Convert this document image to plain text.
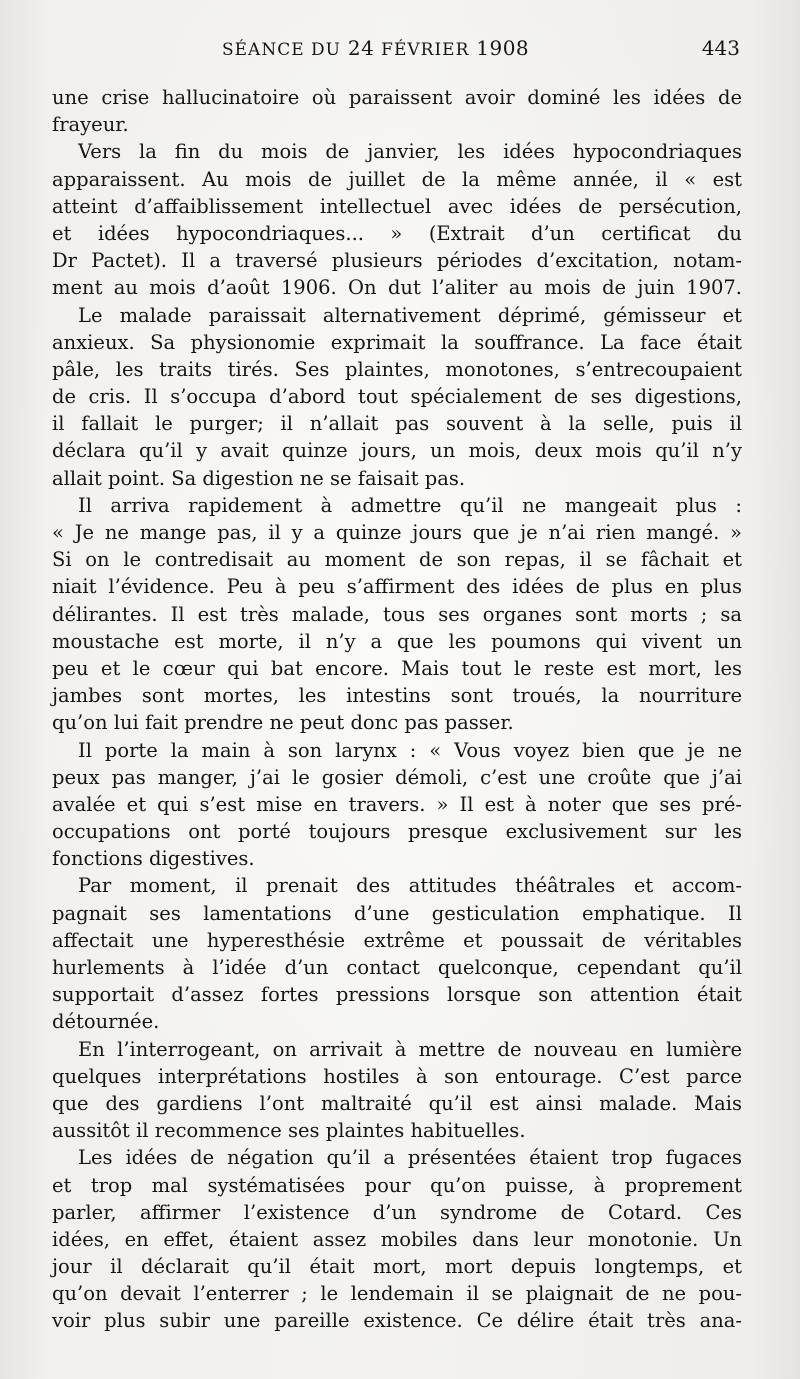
SÉANCE DU 24 FÉVRIER 1908	443
une crise hallucinatoire où paraissent avoir dominé les idées de
frayeur.
Vers la fin du mois de janvier, les idées hypocondriaques
apparaissent. Au mois de juillet de la même année, il « est
atteint d’affaiblissement intellectuel avec idées de persécution,
et idées hypocondriaques... » (Extrait d’un certificat du
Dr Pactet). Il a traversé plusieurs périodes d’excitation, notam-
ment au mois d’août 1906. On dut l’aliter au mois de juin 1907.
Le malade paraissait alternativement déprimé, gémisseur et
anxieux. Sa physionomie exprimait la souffrance. La face était
pâle, les traits tirés. Ses plaintes, monotones, s’entrecoupaient
de cris. Il s’occupa d’abord tout spécialement de ses digestions,
il fallait le purger; il n’allait pas souvent à la selle, puis il
déclara qu’il y avait quinze jours, un mois, deux mois qu’il n’y
allait point. Sa digestion ne se faisait pas.
Il arriva rapidement à admettre qu’il ne mangeait plus :
« Je ne mange pas, il y a quinze jours que je n’ai rien mangé. »
Si on le contredisait au moment de son repas, il se fâchait et
niait l’évidence. Peu à peu s’affirment des idées de plus en plus
délirantes. Il est très malade, tous ses organes sont morts ; sa
moustache est morte, il n’y a que les poumons qui vivent un
peu et le cœur qui bat encore. Mais tout le reste est mort, les
jambes sont mortes, les intestins sont troués, la nourriture
qu’on lui fait prendre ne peut donc pas passer.
Il porte la main à son larynx : « Vous voyez bien que je ne
peux pas manger, j’ai le gosier démoli, c’est une croûte que j’ai
avalée et qui s’est mise en travers. » Il est à noter que ses pré-
occupations ont porté toujours presque exclusivement sur les
fonctions digestives.
Par moment, il prenait des attitudes théâtrales et accom-
pagnait ses lamentations d’une gesticulation emphatique. Il
affectait une hyperesthésie extrême et poussait de véritables
hurlements à l’idée d’un contact quelconque, cependant qu’il
supportait d’assez fortes pressions lorsque son attention était
détournée.
En l’interrogeant, on arrivait à mettre de nouveau en lumière
quelques interprétations hostiles à son entourage. C’est parce
que des gardiens l’ont maltraité qu’il est ainsi malade. Mais
aussitôt il recommence ses plaintes habituelles.
Les idées de négation qu’il a présentées étaient trop fugaces
et trop mal systématisées pour qu’on puisse, à proprement
parler, affirmer l’existence d’un syndrome de Cotard. Ces
idées, en effet, étaient assez mobiles dans leur monotonie. Un
jour il déclarait qu’il était mort, mort depuis longtemps, et
qu’on devait l’enterrer ; le lendemain il se plaignait de ne pou-
voir plus subir une pareille existence. Ce délire était très ana-
